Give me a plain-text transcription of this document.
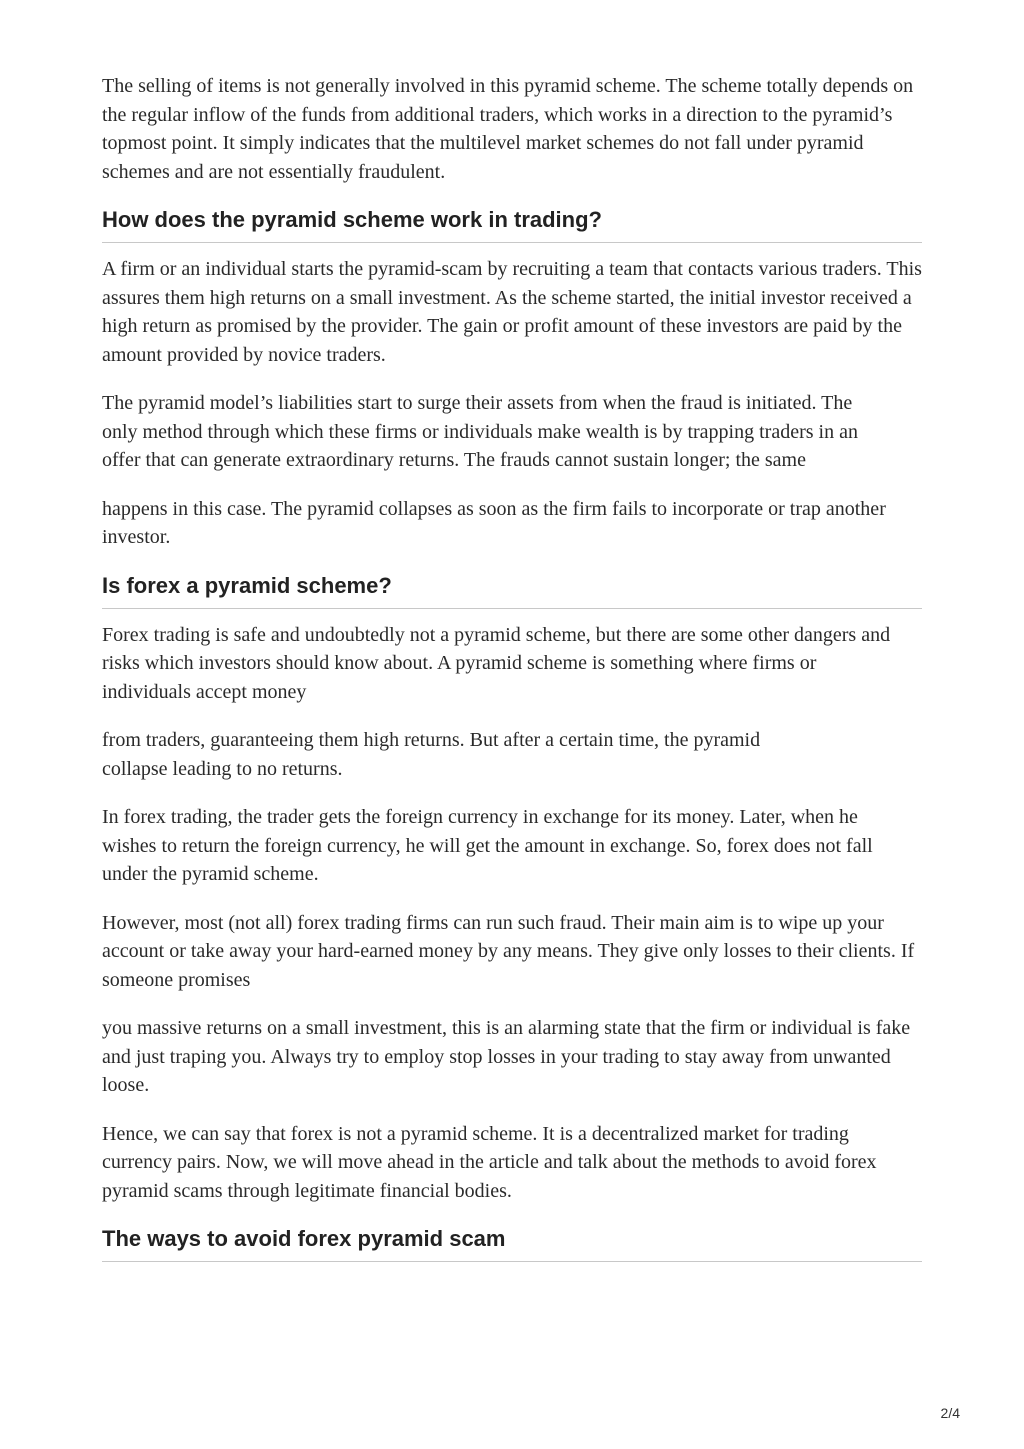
The selling of items is not generally involved in this pyramid scheme. The scheme totally depends on the regular inflow of the funds from additional traders, which works in a direction to the pyramid’s topmost point. It simply indicates that the multilevel market schemes do not fall under pyramid schemes and are not essentially fraudulent.

How does the pyramid scheme work in trading?

A firm or an individual starts the pyramid-scam by recruiting a team that contacts various traders. This assures them high returns on a small investment. As the scheme started, the initial investor received a high return as promised by the provider. The gain or profit amount of these investors are paid by the amount provided by novice traders.

The pyramid model’s liabilities start to surge their assets from when the fraud is initiated. The only method through which these firms or individuals make wealth is by trapping traders in an offer that can generate extraordinary returns. The frauds cannot sustain longer; the same

happens in this case. The pyramid collapses as soon as the firm fails to incorporate or trap another investor.

Is forex a pyramid scheme?

Forex trading is safe and undoubtedly not a pyramid scheme, but there are some other dangers and risks which investors should know about. A pyramid scheme is something where firms or individuals accept money

from traders, guaranteeing them high returns. But after a certain time, the pyramid collapse leading to no returns.

In forex trading, the trader gets the foreign currency in exchange for its money. Later, when he wishes to return the foreign currency, he will get the amount in exchange. So, forex does not fall under the pyramid scheme.

However, most (not all) forex trading firms can run such fraud. Their main aim is to wipe up your account or take away your hard-earned money by any means. They give only losses to their clients. If someone promises

you massive returns on a small investment, this is an alarming state that the firm or individual is fake and just traping you. Always try to employ stop losses in your trading to stay away from unwanted loose.

Hence, we can say that forex is not a pyramid scheme. It is a decentralized market for trading currency pairs. Now, we will move ahead in the article and talk about the methods to avoid forex pyramid scams through legitimate financial bodies.

The ways to avoid forex pyramid scam
2/4
